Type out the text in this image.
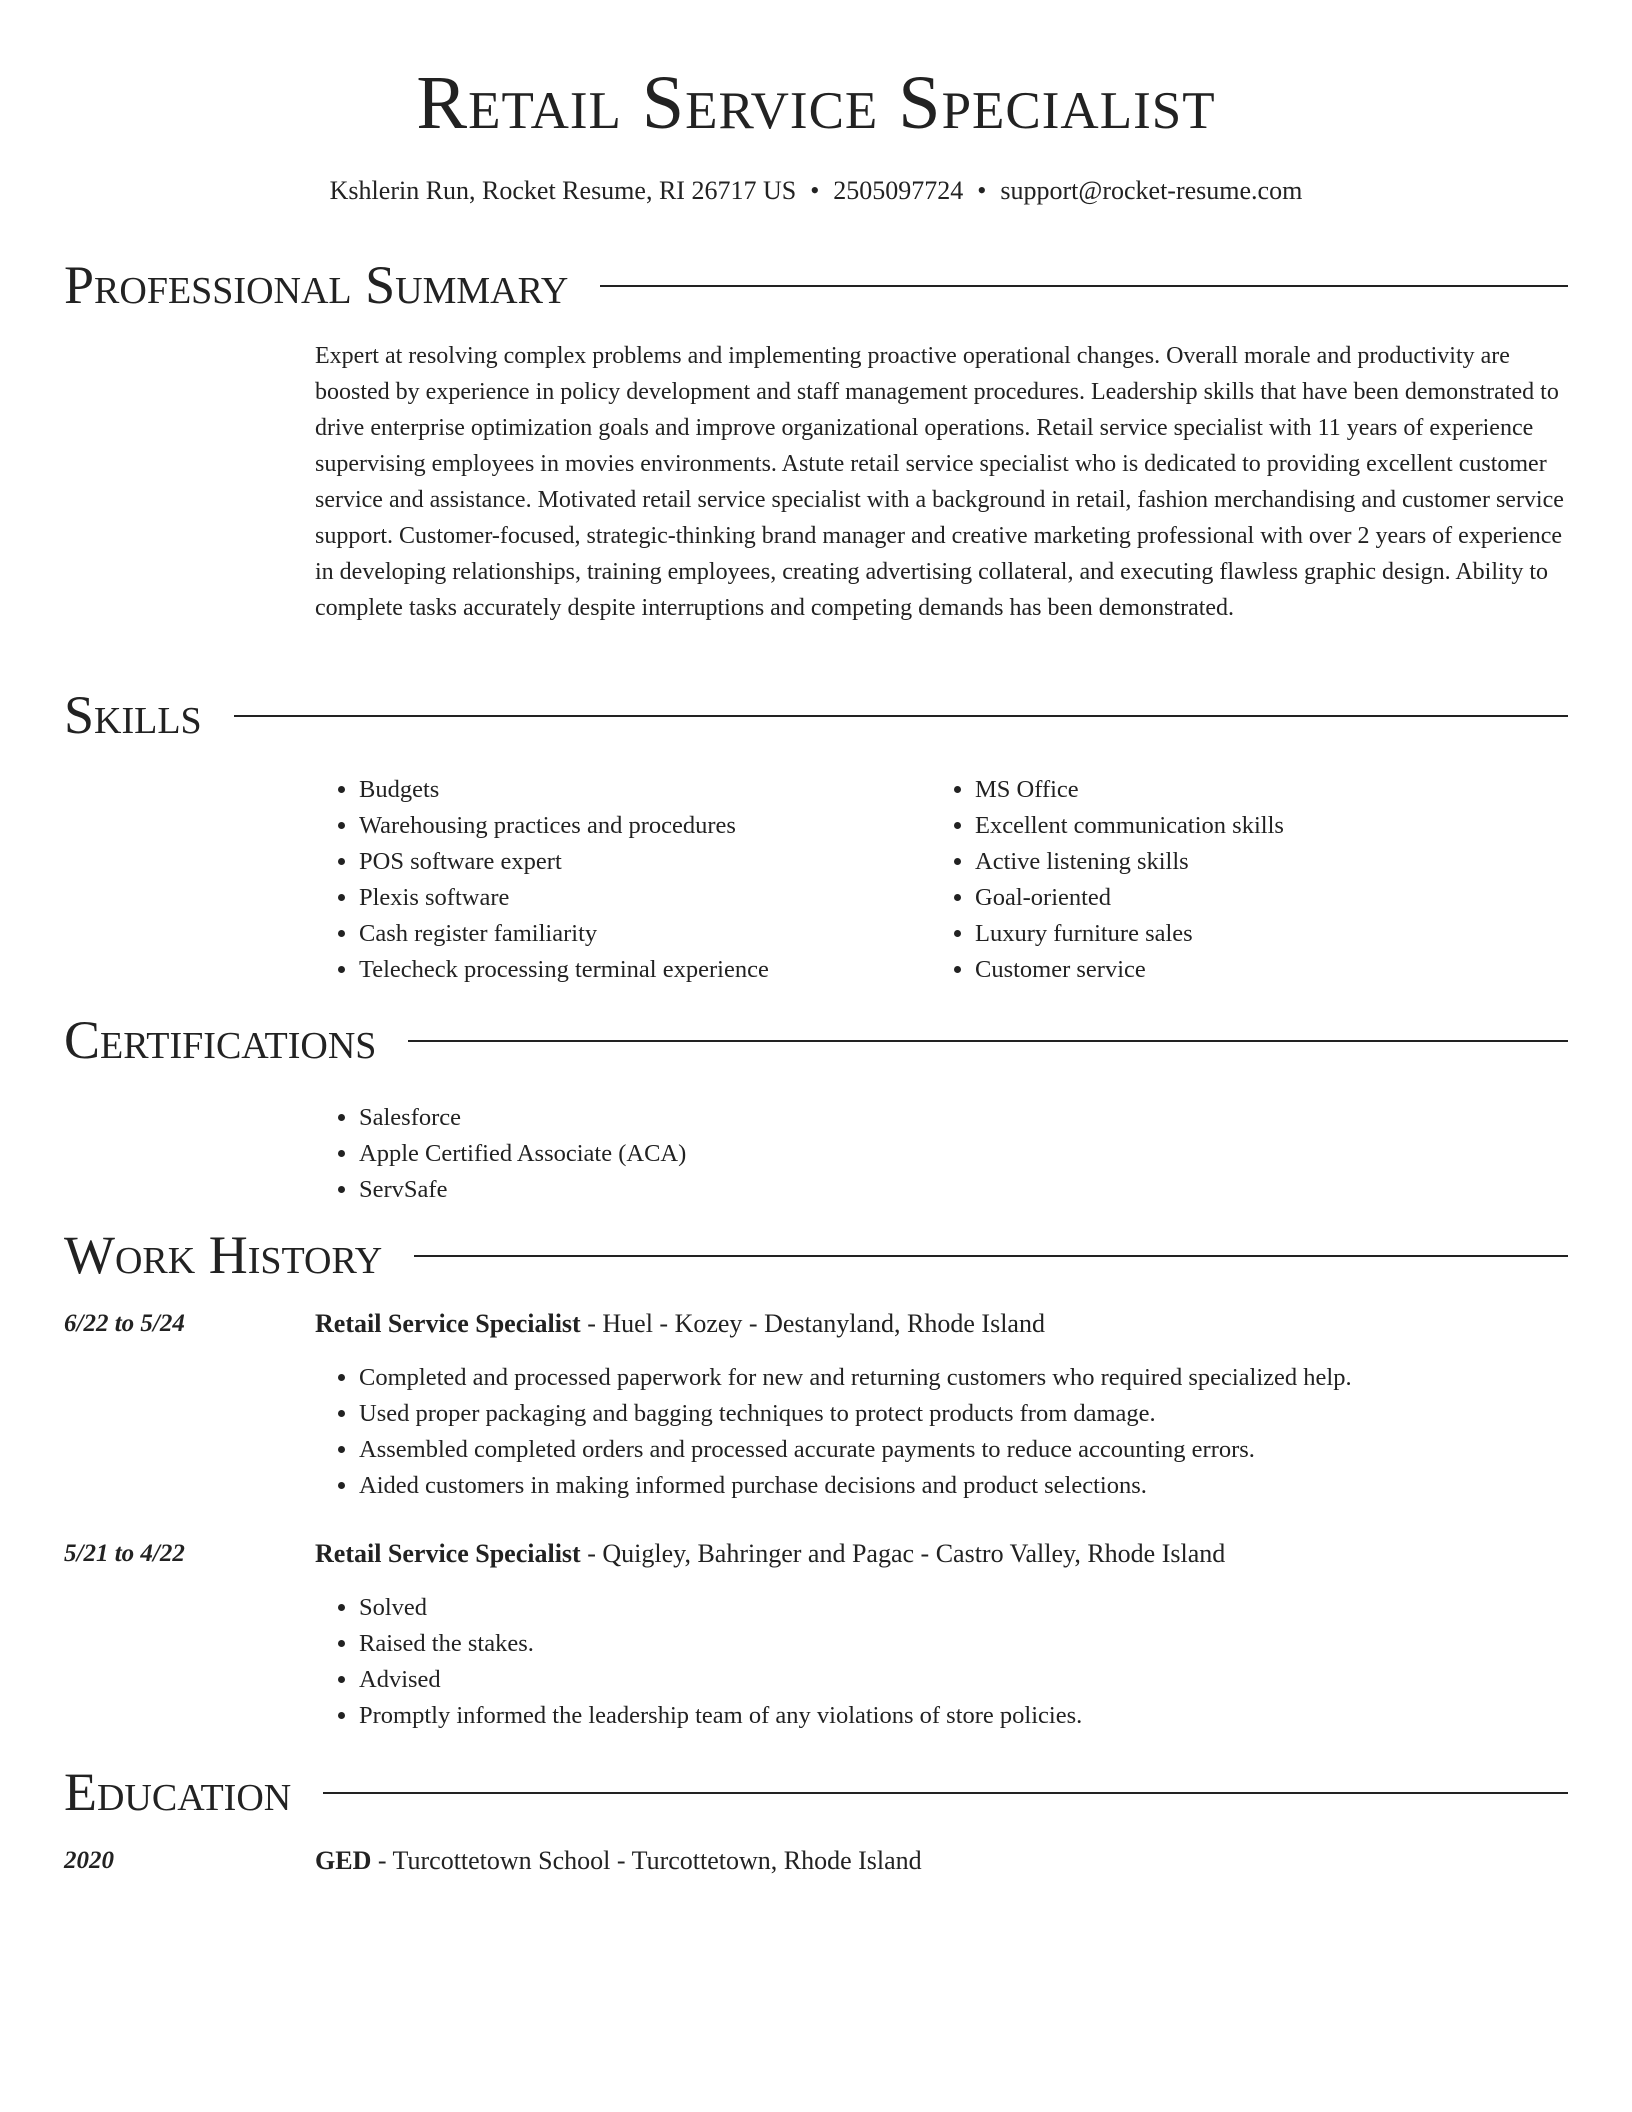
Retail Service Specialist
Kshlerin Run, Rocket Resume, RI 26717 US • 2505097724 • support@rocket-resume.com
Professional Summary

Expert at resolving complex problems and implementing proactive operational changes. Overall morale and productivity are boosted by experience in policy development and staff management procedures. Leadership skills that have been demonstrated to drive enterprise optimization goals and improve organizational operations. Retail service specialist with 11 years of experience supervising employees in movies environments. Astute retail service specialist who is dedicated to providing excellent customer service and assistance. Motivated retail service specialist with a background in retail, fashion merchandising and customer service support. Customer-focused, strategic-thinking brand manager and creative marketing professional with over 2 years of experience in developing relationships, training employees, creating advertising collateral, and executing flawless graphic design. Ability to complete tasks accurately despite interruptions and competing demands has been demonstrated.

Skills
• Budgets
• Warehousing practices and procedures
• POS software expert
• Plexis software
• Cash register familiarity
• Telecheck processing terminal experience
• MS Office
• Excellent communication skills
• Active listening skills
• Goal-oriented
• Luxury furniture sales
• Customer service
Certifications
• Salesforce
• Apple Certified Associate (ACA)
• ServSafe
Work History
6/22 to 5/24	Retail Service Specialist - Huel - Kozey - Destanyland, Rhode Island
• Completed and processed paperwork for new and returning customers who required specialized help.
• Used proper packaging and bagging techniques to protect products from damage.
• Assembled completed orders and processed accurate payments to reduce accounting errors.
• Aided customers in making informed purchase decisions and product selections.
5/21 to 4/22	Retail Service Specialist - Quigley, Bahringer and Pagac - Castro Valley, Rhode Island
• Solved
• Raised the stakes.
• Advised
• Promptly informed the leadership team of any violations of store policies.
Education
2020	GED - Turcottetown School - Turcottetown, Rhode Island
